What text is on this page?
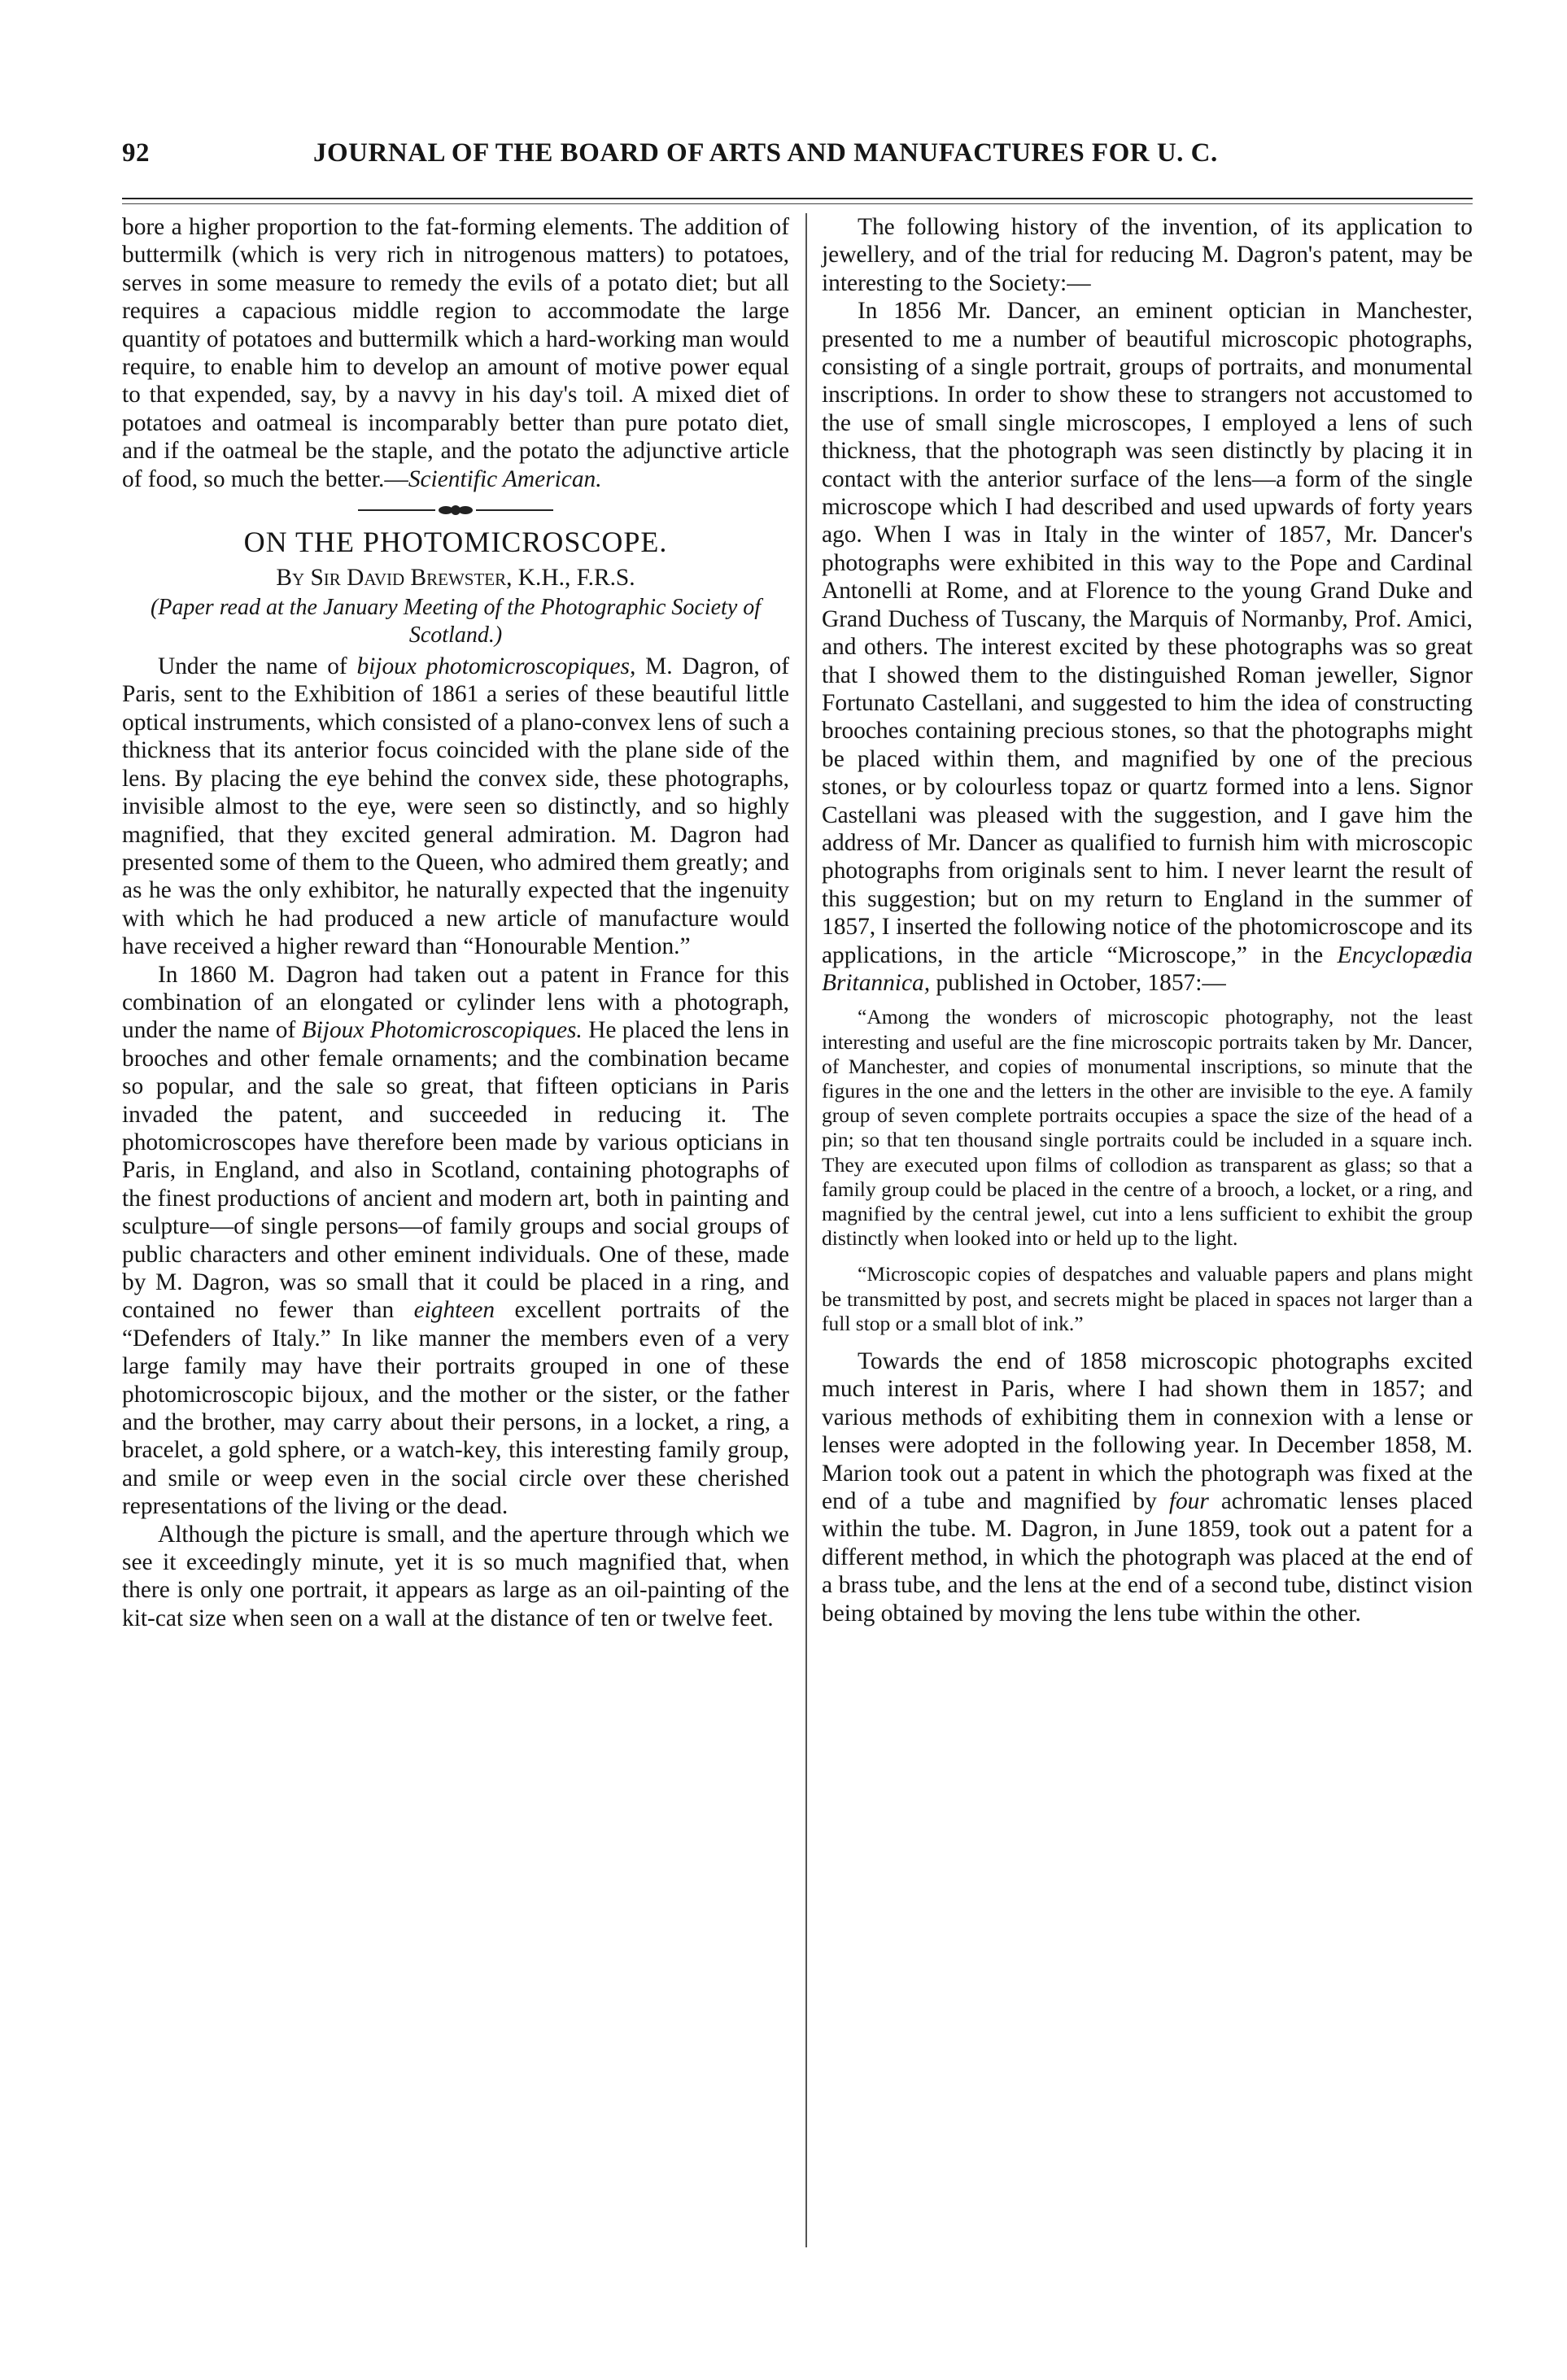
92	JOURNAL OF THE BOARD OF ARTS AND MANUFACTURES FOR U. C.

bore a higher proportion to the fat-forming elements. The addition of buttermilk (which is very rich in nitrogenous matters) to potatoes, serves in some measure to remedy the evils of a potato diet; but all requires a capacious middle region to accommodate the large quantity of potatoes and buttermilk which a hard-working man would require, to enable him to develop an amount of motive power equal to that expended, say, by a navvy in his day's toil. A mixed diet of potatoes and oatmeal is incomparably better than pure potato diet, and if the oatmeal be the staple, and the potato the adjunctive article of food, so much the better.—Scientific American.

ON THE PHOTOMICROSCOPE.
By Sir David Brewster, K.H., F.R.S.
(Paper read at the January Meeting of the Photographic Society of Scotland.)

Under the name of bijoux photomicroscopiques, M. Dagron, of Paris, sent to the Exhibition of 1861 a series of these beautiful little optical instruments, which consisted of a plano-convex lens of such a thickness that its anterior focus coincided with the plane side of the lens. By placing the eye behind the convex side, these photographs, invisible almost to the eye, were seen so distinctly, and so highly magnified, that they excited general admiration. M. Dagron had presented some of them to the Queen, who admired them greatly; and as he was the only exhibitor, he naturally expected that the ingenuity with which he had produced a new article of manufacture would have received a higher reward than “Honourable Mention.”

In 1860 M. Dagron had taken out a patent in France for this combination of an elongated or cylinder lens with a photograph, under the name of Bijoux Photomicroscopiques. He placed the lens in brooches and other female ornaments; and the combination became so popular, and the sale so great, that fifteen opticians in Paris invaded the patent, and succeeded in reducing it. The photomicroscopes have therefore been made by various opticians in Paris, in England, and also in Scotland, containing photographs of the finest productions of ancient and modern art, both in painting and sculpture—of single persons—of family groups and social groups of public characters and other eminent individuals. One of these, made by M. Dagron, was so small that it could be placed in a ring, and contained no fewer than eighteen excellent portraits of the “Defenders of Italy.” In like manner the members even of a very large family may have their portraits grouped in one of these photomicroscopic bijoux, and the mother or the sister, or the father and the brother, may carry about their persons, in a locket, a ring, a bracelet, a gold sphere, or a watch-key, this interesting family group, and smile or weep even in the social circle over these cherished representations of the living or the dead.

Although the picture is small, and the aperture through which we see it exceedingly minute, yet it is so much magnified that, when there is only one portrait, it appears as large as an oil-painting of the kit-cat size when seen on a wall at the distance of ten or twelve feet.

The following history of the invention, of its application to jewellery, and of the trial for reducing M. Dagron's patent, may be interesting to the Society:—

In 1856 Mr. Dancer, an eminent optician in Manchester, presented to me a number of beautiful microscopic photographs, consisting of a single portrait, groups of portraits, and monumental inscriptions. In order to show these to strangers not accustomed to the use of small single microscopes, I employed a lens of such thickness, that the photograph was seen distinctly by placing it in contact with the anterior surface of the lens—a form of the single microscope which I had described and used upwards of forty years ago. When I was in Italy in the winter of 1857, Mr. Dancer's photographs were exhibited in this way to the Pope and Cardinal Antonelli at Rome, and at Florence to the young Grand Duke and Grand Duchess of Tuscany, the Marquis of Normanby, Prof. Amici, and others. The interest excited by these photographs was so great that I showed them to the distinguished Roman jeweller, Signor Fortunato Castellani, and suggested to him the idea of constructing brooches containing precious stones, so that the photographs might be placed within them, and magnified by one of the precious stones, or by colourless topaz or quartz formed into a lens. Signor Castellani was pleased with the suggestion, and I gave him the address of Mr. Dancer as qualified to furnish him with microscopic photographs from originals sent to him. I never learnt the result of this suggestion; but on my return to England in the summer of 1857, I inserted the following notice of the photomicroscope and its applications, in the article “Microscope,” in the Encyclopædia Britannica, published in October, 1857:—

“Among the wonders of microscopic photography, not the least interesting and useful are the fine microscopic portraits taken by Mr. Dancer, of Manchester, and copies of monumental inscriptions, so minute that the figures in the one and the letters in the other are invisible to the eye. A family group of seven complete portraits occupies a space the size of the head of a pin; so that ten thousand single portraits could be included in a square inch. They are executed upon films of collodion as transparent as glass; so that a family group could be placed in the centre of a brooch, a locket, or a ring, and magnified by the central jewel, cut into a lens sufficient to exhibit the group distinctly when looked into or held up to the light.

“Microscopic copies of despatches and valuable papers and plans might be transmitted by post, and secrets might be placed in spaces not larger than a full stop or a small blot of ink.”

Towards the end of 1858 microscopic photographs excited much interest in Paris, where I had shown them in 1857; and various methods of exhibiting them in connexion with a lense or lenses were adopted in the following year. In December 1858, M. Marion took out a patent in which the photograph was fixed at the end of a tube and magnified by four achromatic lenses placed within the tube. M. Dagron, in June 1859, took out a patent for a different method, in which the photograph was placed at the end of a brass tube, and the lens at the end of a second tube, distinct vision being obtained by moving the lens tube within the other.
